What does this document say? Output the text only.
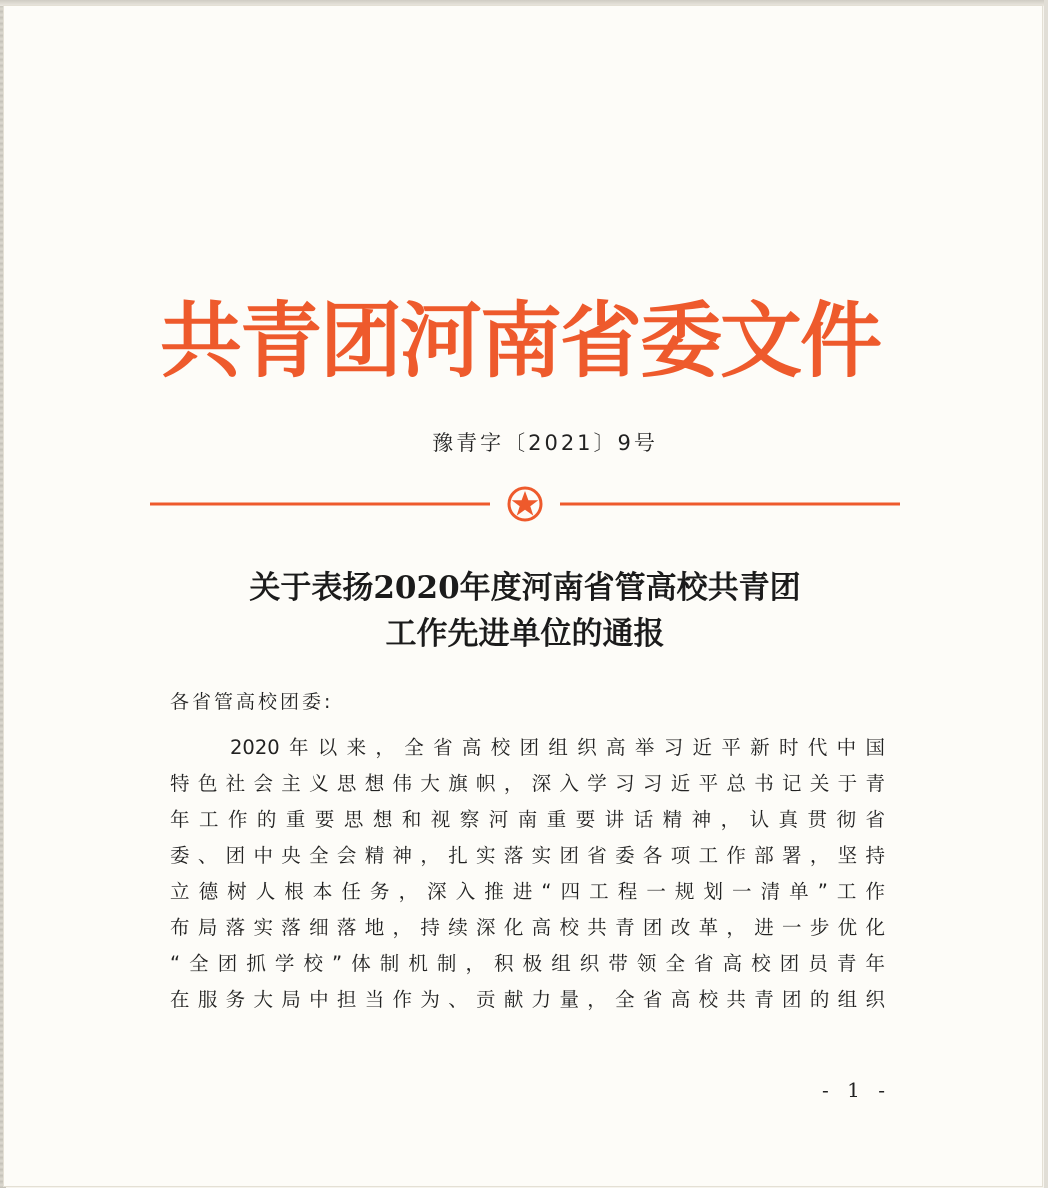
共青团河南省委文件
豫青字〔2021〕9号
关于表扬2020年度河南省管高校共青团
工作先进单位的通报
各省管高校团委:
2020年以来，全省高校团组织高举习近平新时代中国
特色社会主义思想伟大旗帜，深入学习习近平总书记关于青
年工作的重要思想和视察河南重要讲话精神，认真贯彻省
委、团中央全会精神，扎实落实团省委各项工作部署，坚持
立德树人根本任务，深入推进“四工程一规划一清单”工作
布局落实落细落地，持续深化高校共青团改革，进一步优化
“全团抓学校”体制机制，积极组织带领全省高校团员青年
在服务大局中担当作为、贡献力量，全省高校共青团的组织
- 1 -
